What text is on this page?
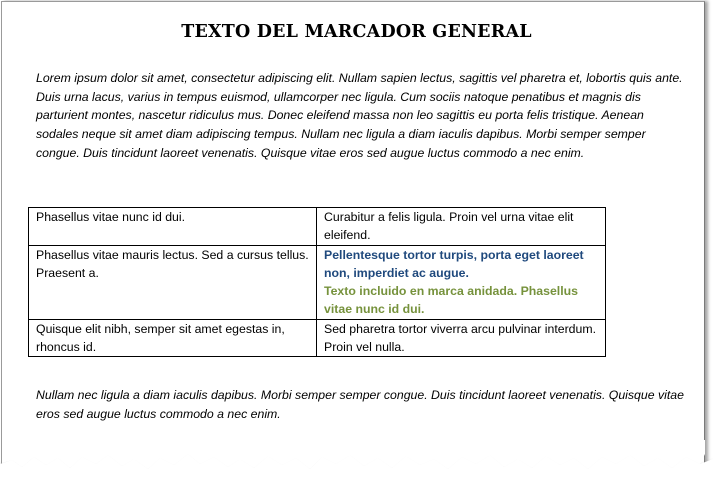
TEXTO DEL MARCADOR GENERAL

Lorem ipsum dolor sit amet, consectetur adipiscing elit. Nullam sapien lectus, sagittis vel pharetra et, lobortis quis ante. Duis urna lacus, varius in tempus euismod, ullamcorper nec ligula. Cum sociis natoque penatibus et magnis dis parturient montes, nascetur ridiculus mus. Donec eleifend massa non leo sagittis eu porta felis tristique. Aenean sodales neque sit amet diam adipiscing tempus. Nullam nec ligula a diam iaculis dapibus. Morbi semper semper congue. Duis tincidunt laoreet venenatis. Quisque vitae eros sed augue luctus commodo a nec enim.

Phasellus vitae nunc id dui.	Curabitur a felis ligula. Proin vel urna vitae elit eleifend.
Phasellus vitae mauris lectus. Sed a cursus tellus. Praesent a.	Pellentesque tortor turpis, porta eget laoreet non, imperdiet ac augue.
Texto incluido en marca anidada. Phasellus vitae nunc id dui.

Quisque elit nibh, semper sit amet egestas in, rhoncus id.	Sed pharetra tortor viverra arcu pulvinar interdum. Proin vel nulla.

Nullam nec ligula a diam iaculis dapibus. Morbi semper semper congue. Duis tincidunt laoreet venenatis. Quisque vitae eros sed augue luctus commodo a nec enim.
